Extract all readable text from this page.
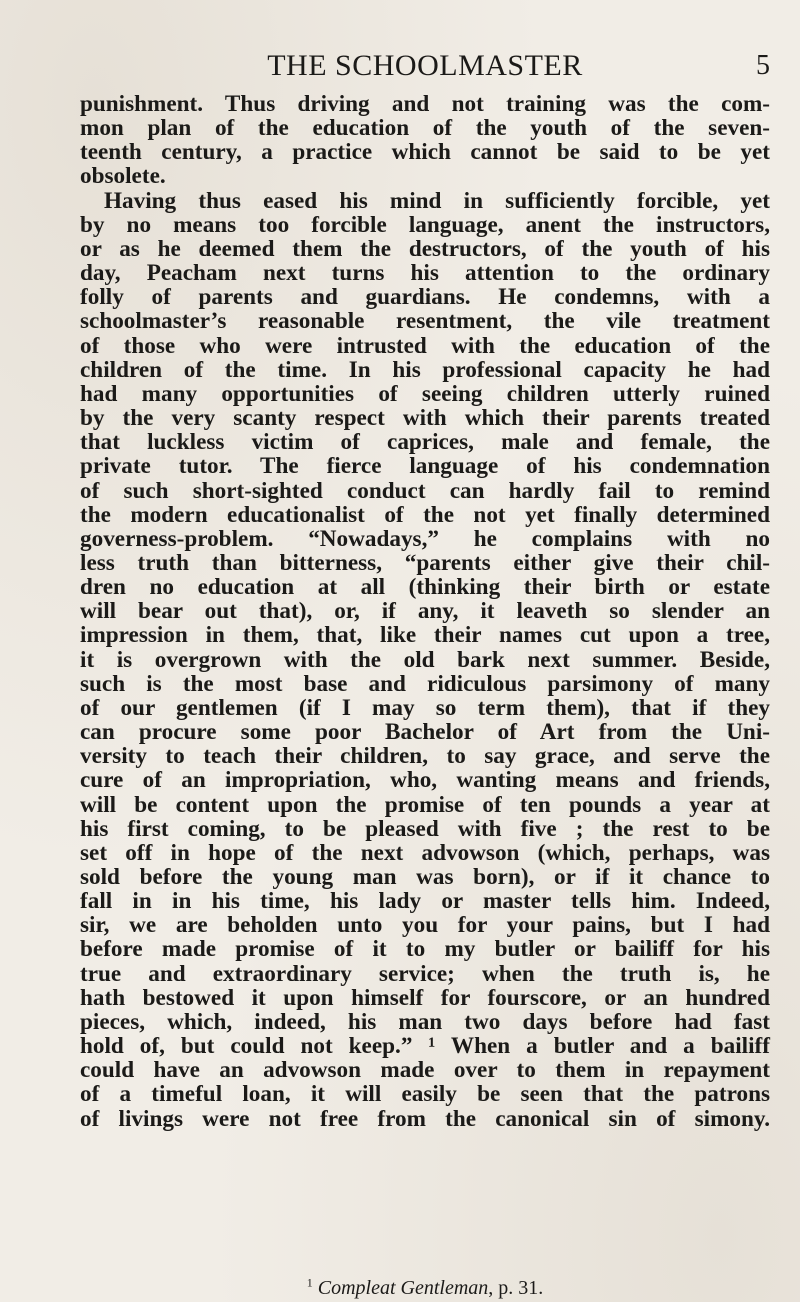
THE SCHOOLMASTER	5
punishment. Thus driving and not training was the com-
mon plan of the education of the youth of the seven-
teenth century, a practice which cannot be said to be yet
obsolete.
Having thus eased his mind in sufficiently forcible, yet
by no means too forcible language, anent the instructors,
or as he deemed them the destructors, of the youth of his
day, Peacham next turns his attention to the ordinary
folly of parents and guardians. He condemns, with a
schoolmaster’s reasonable resentment, the vile treatment
of those who were intrusted with the education of the
children of the time. In his professional capacity he had
had many opportunities of seeing children utterly ruined
by the very scanty respect with which their parents treated
that luckless victim of caprices, male and female, the
private tutor. The fierce language of his condemnation
of such short-sighted conduct can hardly fail to remind
the modern educationalist of the not yet finally determined
governess-problem. “Nowadays,” he complains with no
less truth than bitterness, “parents either give their chil-
dren no education at all (thinking their birth or estate
will bear out that), or, if any, it leaveth so slender an
impression in them, that, like their names cut upon a tree,
it is overgrown with the old bark next summer. Beside,
such is the most base and ridiculous parsimony of many
of our gentlemen (if I may so term them), that if they
can procure some poor Bachelor of Art from the Uni-
versity to teach their children, to say grace, and serve the
cure of an impropriation, who, wanting means and friends,
will be content upon the promise of ten pounds a year at
his first coming, to be pleased with five ; the rest to be
set off in hope of the next advowson (which, perhaps, was
sold before the young man was born), or if it chance to
fall in in his time, his lady or master tells him. Indeed,
sir, we are beholden unto you for your pains, but I had
before made promise of it to my butler or bailiff for his
true and extraordinary service; when the truth is, he
hath bestowed it upon himself for fourscore, or an hundred
pieces, which, indeed, his man two days before had fast
hold of, but could not keep.” ¹ When a butler and a bailiff
could have an advowson made over to them in repayment
of a timeful loan, it will easily be seen that the patrons
of livings were not free from the canonical sin of simony.
$^1$ Compleat Gentleman, p. 31.
